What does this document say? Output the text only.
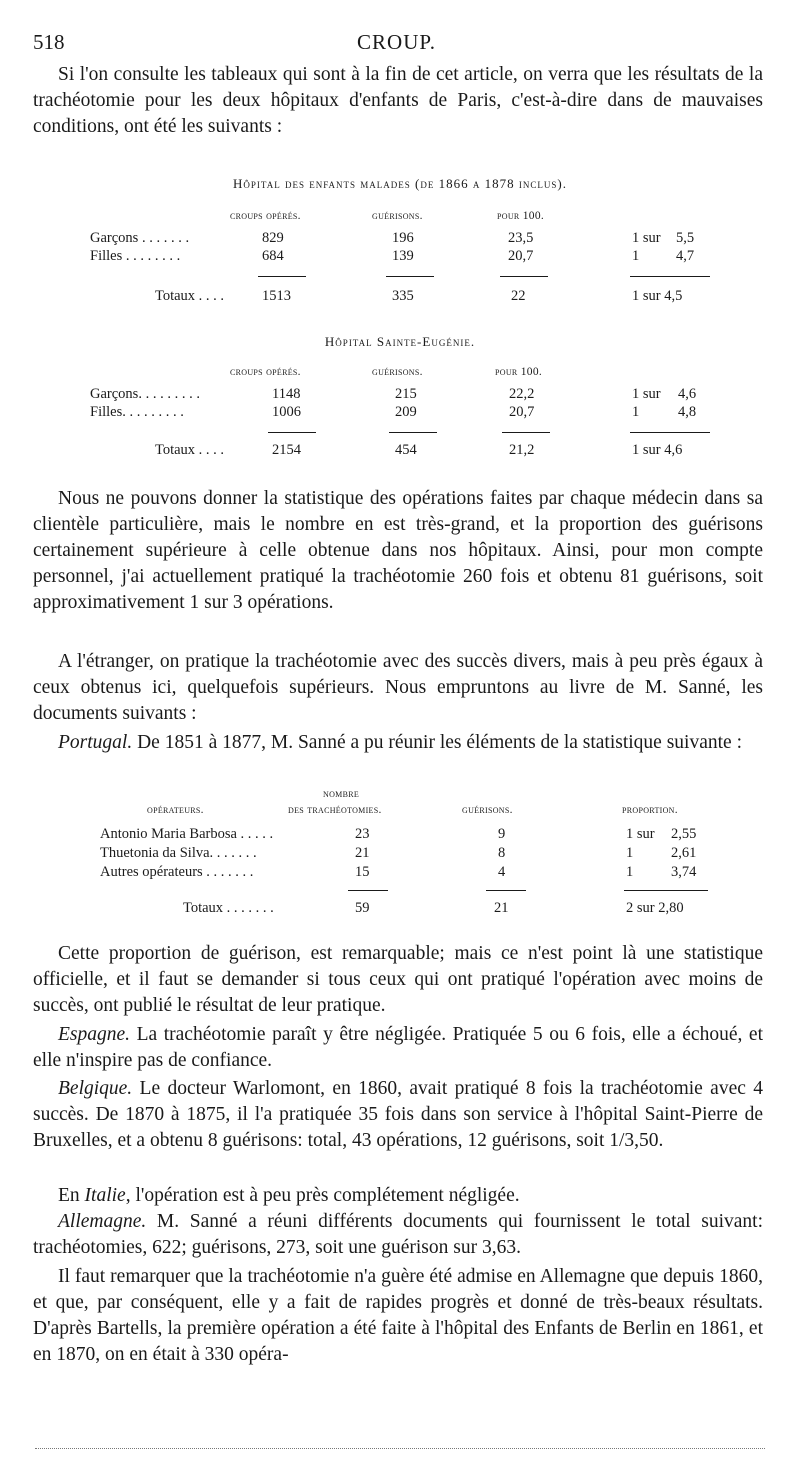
518	CROUP.

Si l'on consulte les tableaux qui sont à la fin de cet article, on verra que les résultats de la trachéotomie pour les deux hôpitaux d'enfants de Paris, c'est-à-dire dans de mauvaises conditions, ont été les suivants :

Hôpital des enfants malades (de 1866 a 1878 inclus).
croups opérés.	guérisons.	pour 100.
Garçons . . . . . . .	829	196	23,5	1 sur 5,5
Filles . . . . . . . .	684	139	20,7	1	4,7
Totaux . . . .	1513	335	22	1 sur 4,5
Hôpital Sainte-Eugénie.
croups opérés.	guérisons.	pour 100.
Garçons. . . . . . . . .	1148	215	22,2	1 sur 4,6
Filles. . . . . . . . .	1006	209	20,7	1	4,8
Totaux . . . .	2154	454	21,2	1 sur 4,6

Nous ne pouvons donner la statistique des opérations faites par chaque médecin dans sa clientèle particulière, mais le nombre en est très-grand, et la proportion des guérisons certainement supérieure à celle obtenue dans nos hôpitaux. Ainsi, pour mon compte personnel, j'ai actuellement pratiqué la trachéotomie 260 fois et obtenu 81 guérisons, soit approximativement 1 sur 3 opérations.

A l'étranger, on pratique la trachéotomie avec des succès divers, mais à peu près égaux à ceux obtenus ici, quelquefois supérieurs. Nous empruntons au livre de M. Sanné, les documents suivants :

Portugal. De 1851 à 1877, M. Sanné a pu réunir les éléments de la statistique suivante :

nombre
opérateurs.	des trachéotomies.	guérisons.	proportion.
Antonio Maria Barbosa . . . . .	23	9	1 sur 2,55
Thuetonia da Silva. . . . . . .	21	8	1	2,61
Autres opérateurs . . . . . . .	15	4	1	3,74
Totaux . . . . . . .	59	21	2 sur 2,80

Cette proportion de guérison, est remarquable; mais ce n'est point là une statistique officielle, et il faut se demander si tous ceux qui ont pratiqué l'opération avec moins de succès, ont publié le résultat de leur pratique.

Espagne. La trachéotomie paraît y être négligée. Pratiquée 5 ou 6 fois, elle a échoué, et elle n'inspire pas de confiance.

Belgique. Le docteur Warlomont, en 1860, avait pratiqué 8 fois la trachéotomie avec 4 succès. De 1870 à 1875, il l'a pratiquée 35 fois dans son service à l'hôpital Saint-Pierre de Bruxelles, et a obtenu 8 guérisons: total, 43 opérations, 12 guérisons, soit 1/3,50.

En Italie, l'opération est à peu près complétement négligée.

Allemagne. M. Sanné a réuni différents documents qui fournissent le total suivant: trachéotomies, 622; guérisons, 273, soit une guérison sur 3,63.

Il faut remarquer que la trachéotomie n'a guère été admise en Allemagne que depuis 1860, et que, par conséquent, elle y a fait de rapides progrès et donné de très-beaux résultats. D'après Bartells, la première opération a été faite à l'hôpital des Enfants de Berlin en 1861, et en 1870, on en était à 330 opéra-
